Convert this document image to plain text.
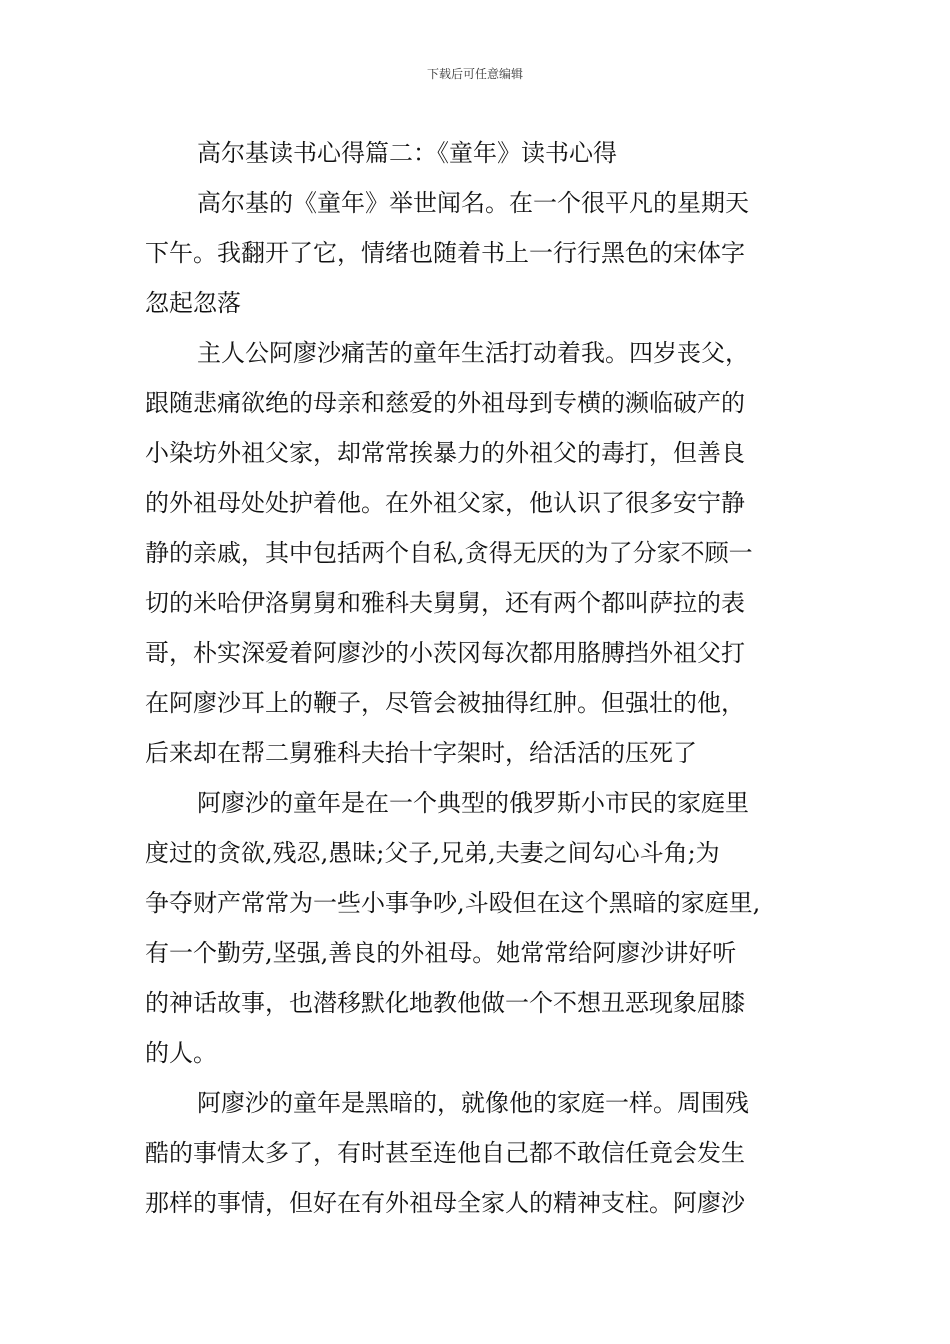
下载后可任意编辑
高尔基读书心得篇二：《童年》读书心得
高尔基的《童年》举世闻名。在一个很平凡的星期天
下午。我翻开了它，情绪也随着书上一行行黑色的宋体字
忽起忽落
主人公阿廖沙痛苦的童年生活打动着我。四岁丧父，
跟随悲痛欲绝的母亲和慈爱的外祖母到专横的濒临破产的
小染坊外祖父家，却常常挨暴力的外祖父的毒打，但善良
的外祖母处处护着他。在外祖父家，他认识了很多安宁静
静的亲戚，其中包括两个自私,贪得无厌的为了分家不顾一
切的米哈伊洛舅舅和雅科夫舅舅，还有两个都叫萨拉的表
哥，朴实深爱着阿廖沙的小茨冈每次都用胳膊挡外祖父打
在阿廖沙耳上的鞭子，尽管会被抽得红肿。但强壮的他，
后来却在帮二舅雅科夫抬十字架时，给活活的压死了
阿廖沙的童年是在一个典型的俄罗斯小市民的家庭里
度过的贪欲,残忍,愚昧;父子,兄弟,夫妻之间勾心斗角;为
争夺财产常常为一些小事争吵,斗殴但在这个黑暗的家庭里,
有一个勤劳,坚强,善良的外祖母。她常常给阿廖沙讲好听
的神话故事，也潜移默化地教他做一个不想丑恶现象屈膝
的人。
阿廖沙的童年是黑暗的，就像他的家庭一样。周围残
酷的事情太多了，有时甚至连他自己都不敢信任竟会发生
那样的事情，但好在有外祖母全家人的精神支柱。阿廖沙
